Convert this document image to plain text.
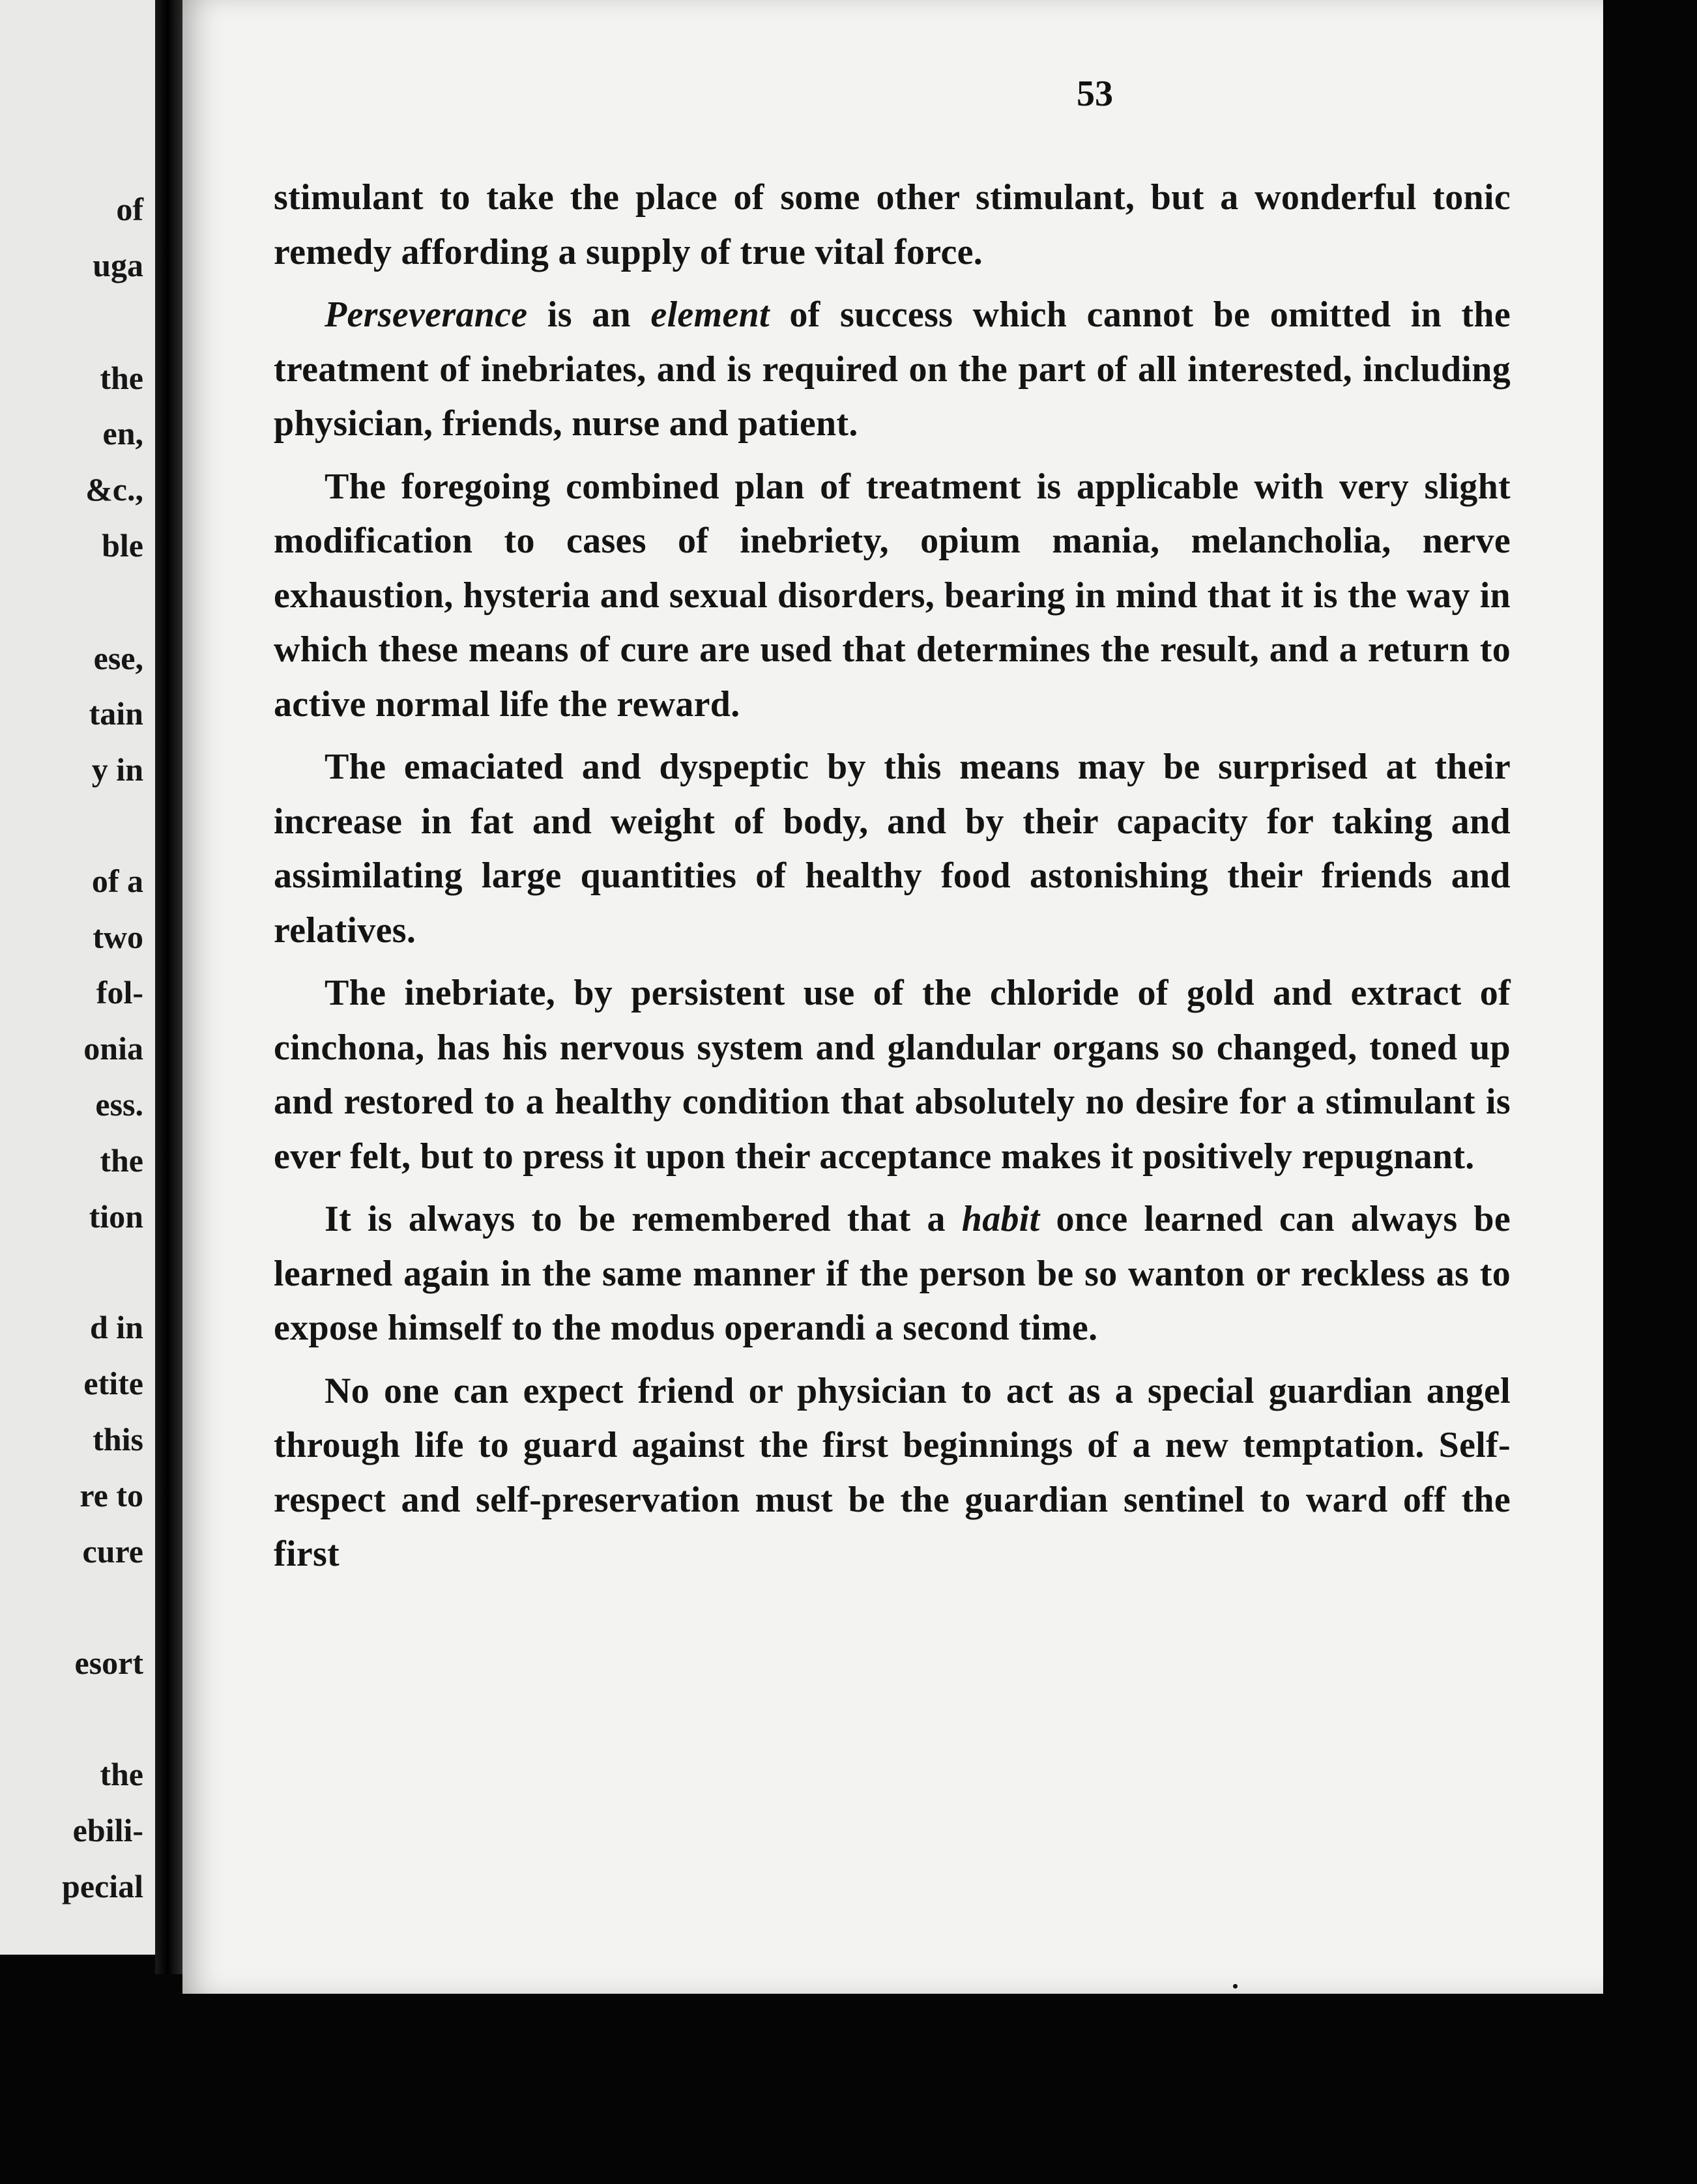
of

uga

the

en,

&c.,

ble

ese,

tain

y in

of a

two

fol-

onia

ess.

the

tion

d in

etite

this

re to

cure

esort

the

ebili-

pecial

53

stimulant to take the place of some other stimulant, but a wonderful tonic remedy affording a supply of true vital force.

Perseverance is an element of success which cannot be omitted in the treatment of inebriates, and is required on the part of all interested, including physician, friends, nurse and patient.

The foregoing combined plan of treatment is applicable with very slight modification to cases of inebriety, opium mania, melancholia, nerve exhaustion, hysteria and sexual disorders, bearing in mind that it is the way in which these means of cure are used that determines the result, and a return to active normal life the reward.

The emaciated and dyspeptic by this means may be surprised at their increase in fat and weight of body, and by their capacity for taking and assimilating large quantities of healthy food astonishing their friends and relatives.

The inebriate, by persistent use of the chloride of gold and extract of cinchona, has his nervous system and glandular organs so changed, toned up and restored to a healthy condition that absolutely no desire for a stimulant is ever felt, but to press it upon their acceptance makes it positively repugnant.

It is always to be remembered that a habit once learned can always be learned again in the same manner if the person be so wanton or reckless as to expose himself to the modus operandi a second time.

No one can expect friend or physician to act as a special guardian angel through life to guard against the first beginnings of a new temptation. Self-respect and self-preservation must be the guardian sentinel to ward off the first
